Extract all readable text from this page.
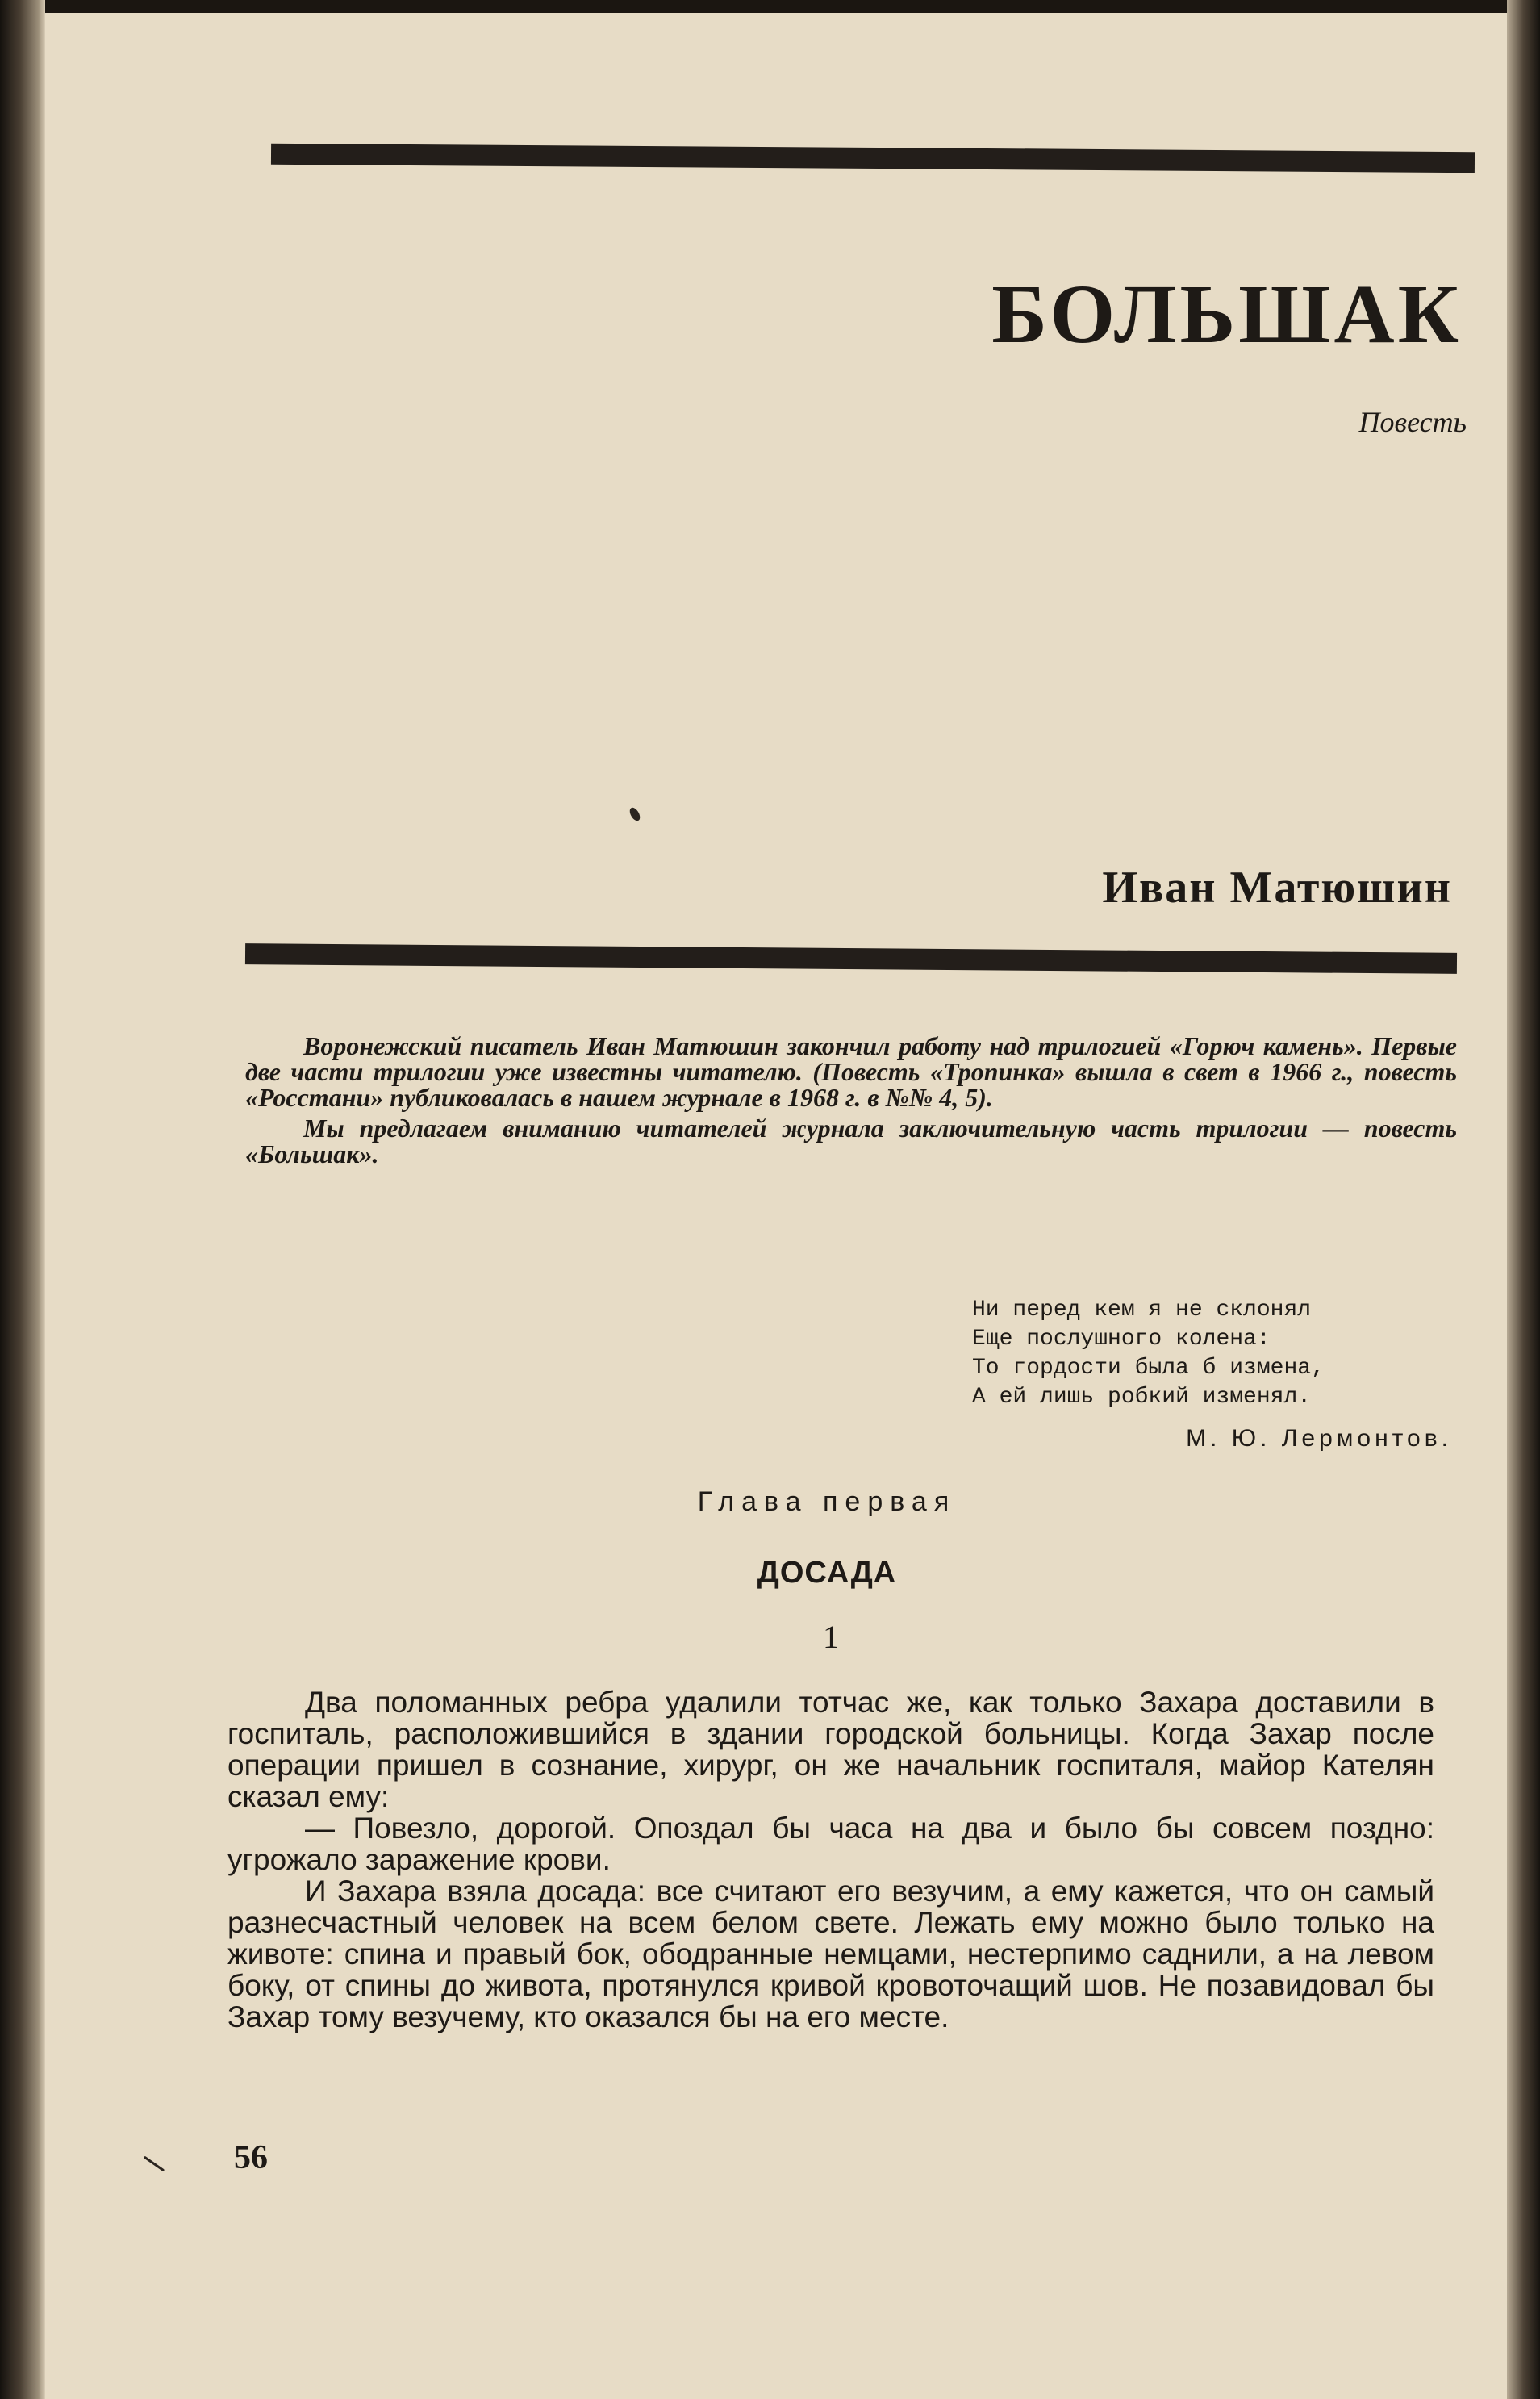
БОЛЬШАК
Повесть
Иван Матюшин

Воронежский писатель Иван Матюшин закончил работу над трилогией «Горюч камень». Первые две части трилогии уже известны читателю. (Повесть «Тропинка» вышла в свет в 1966 г., повесть «Росстани» публиковалась в нашем журнале в 1968 г. в №№ 4, 5).

Мы предлагаем вниманию читателей журнала заключительную часть трилогии — повесть «Большак».

Ни перед кем я не склонял
Еще послушного колена:
То гордости была б измена,
А ей лишь робкий изменял.
М. Ю. Лермонтов.
Глава первая
ДОСАДА
1

Два поломанных ребра удалили тотчас же, как только Захара доставили в госпиталь, расположившийся в здании городской больницы. Когда Захар после операции пришел в сознание, хирург, он же начальник госпиталя, майор Кателян сказал ему:

— Повезло, дорогой. Опоздал бы часа на два и было бы совсем поздно: угрожало заражение крови.

И Захара взяла досада: все считают его везучим, а ему кажется, что он самый разнесчастный человек на всем белом свете. Лежать ему можно было только на животе: спина и правый бок, ободранные немцами, нестерпимо саднили, а на левом боку, от спины до живота, протянулся кривой кровоточащий шов. Не позавидовал бы Захар тому везучему, кто оказался бы на его месте.

56
